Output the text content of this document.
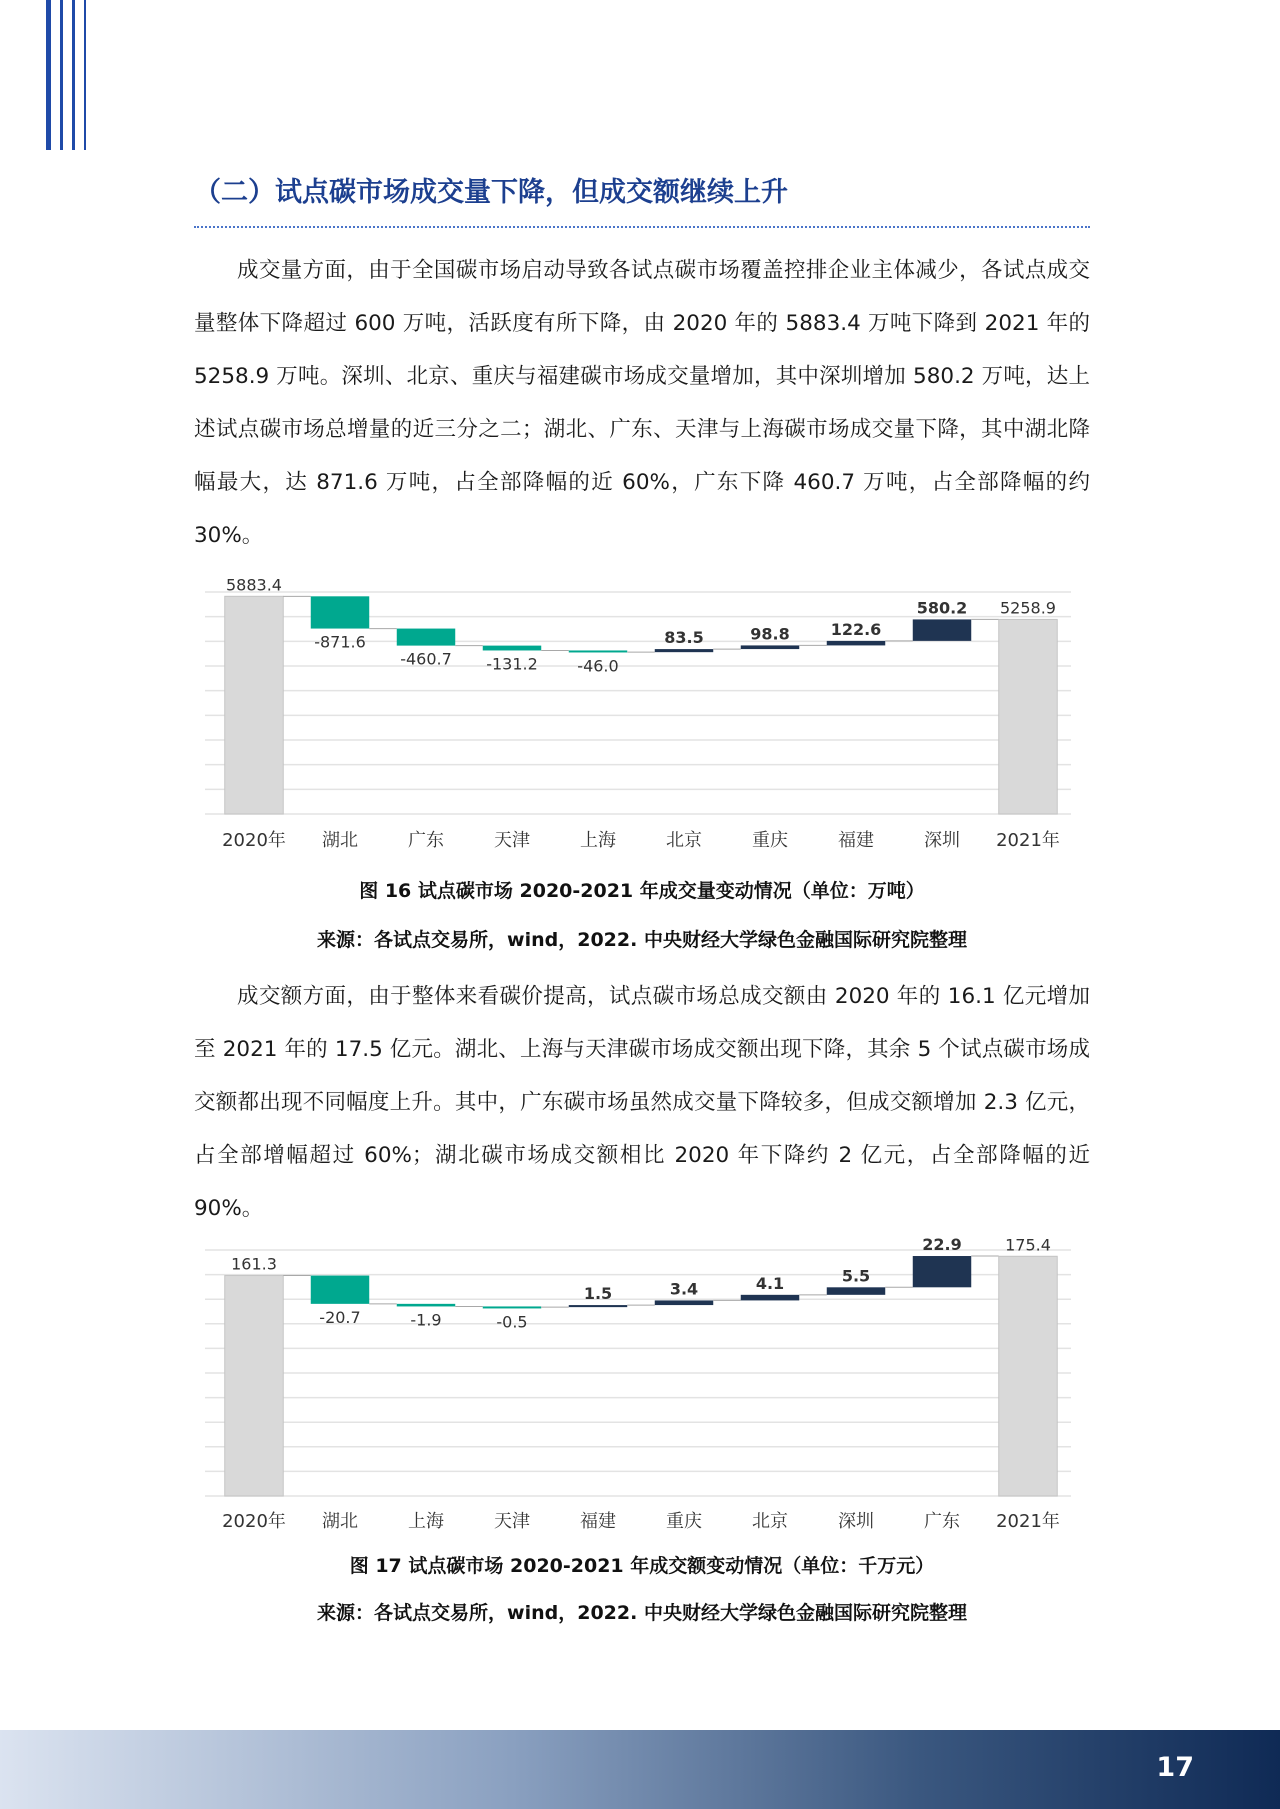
（二）试点碳市场成交量下降，但成交额继续上升

成交量方面，由于全国碳市场启动导致各试点碳市场覆盖控排企业主体减少，各试点成交量整体下降超过 600 万吨，活跃度有所下降，由 2020 年的 5883.4 万吨下降到 2021 年的 5258.9 万吨。深圳、北京、重庆与福建碳市场成交量增加，其中深圳增加 580.2 万吨，达上述试点碳市场总增量的近三分之二；湖北、广东、天津与上海碳市场成交量下降，其中湖北降幅最大，达 871.6 万吨，占全部降幅的近 60%，广东下降 460.7 万吨，占全部降幅的约 30%。

5883.4
2020年
-871.6
湖北
-460.7
广东
-131.2
天津
-46.0
上海
83.5
北京
98.8
重庆
122.6
福建
580.2
深圳
5258.9
2021年
图 16 试点碳市场 2020-2021 年成交量变动情况（单位：万吨）
来源：各试点交易所，wind，2022. 中央财经大学绿色金融国际研究院整理

成交额方面，由于整体来看碳价提高，试点碳市场总成交额由 2020 年的 16.1 亿元增加至 2021 年的 17.5 亿元。湖北、上海与天津碳市场成交额出现下降，其余 5 个试点碳市场成交额都出现不同幅度上升。其中，广东碳市场虽然成交量下降较多，但成交额增加 2.3 亿元，占全部增幅超过 60%；湖北碳市场成交额相比 2020 年下降约 2 亿元，占全部降幅的近 90%。

161.3
2020年
-20.7
湖北
-1.9
上海
-0.5
天津
1.5
福建
3.4
重庆
4.1
北京
5.5
深圳
22.9
广东
175.4
2021年
图 17 试点碳市场 2020-2021 年成交额变动情况（单位：千万元）
来源：各试点交易所，wind，2022. 中央财经大学绿色金融国际研究院整理
17
